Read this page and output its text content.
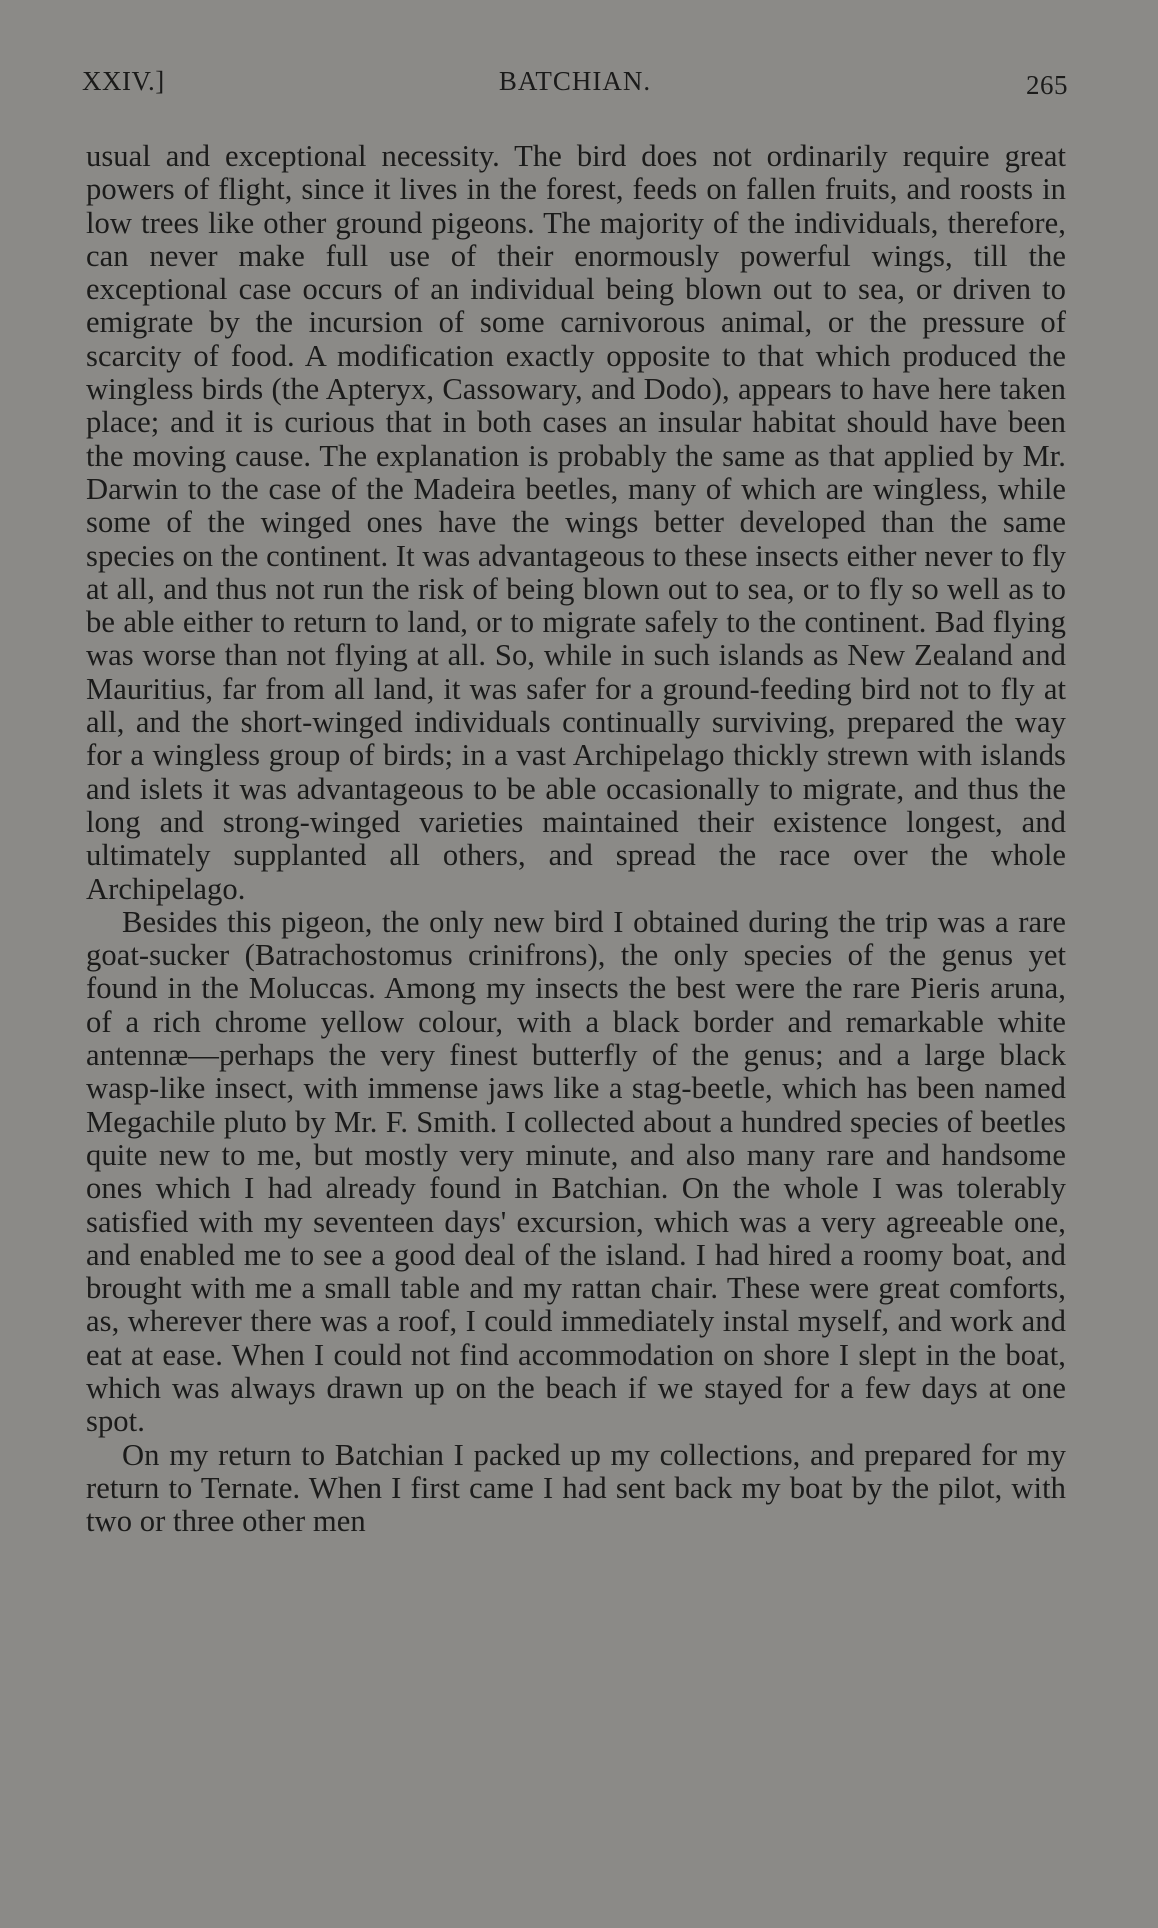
XXIV.]	BATCHIAN.	265

usual and exceptional necessity. The bird does not ordinarily require great powers of flight, since it lives in the forest, feeds on fallen fruits, and roosts in low trees like other ground pigeons. The majority of the individuals, therefore, can never make full use of their enormously powerful wings, till the exceptional case occurs of an individual being blown out to sea, or driven to emigrate by the incursion of some carnivorous animal, or the pressure of scarcity of food. A modification exactly opposite to that which produced the wingless birds (the Apteryx, Cassowary, and Dodo), appears to have here taken place; and it is curious that in both cases an insular habitat should have been the moving cause. The explanation is probably the same as that applied by Mr. Darwin to the case of the Madeira beetles, many of which are wingless, while some of the winged ones have the wings better developed than the same species on the continent. It was advantageous to these insects either never to fly at all, and thus not run the risk of being blown out to sea, or to fly so well as to be able either to return to land, or to migrate safely to the continent. Bad flying was worse than not flying at all. So, while in such islands as New Zealand and Mauritius, far from all land, it was safer for a ground-feeding bird not to fly at all, and the short-winged individuals continually surviving, prepared the way for a wingless group of birds; in a vast Archipelago thickly strewn with islands and islets it was advantageous to be able occasionally to migrate, and thus the long and strong-winged varieties maintained their existence longest, and ultimately supplanted all others, and spread the race over the whole Archipelago.

Besides this pigeon, the only new bird I obtained during the trip was a rare goat-sucker (Batrachostomus crinifrons), the only species of the genus yet found in the Moluccas. Among my insects the best were the rare Pieris aruna, of a rich chrome yellow colour, with a black border and remarkable white antennæ—perhaps the very finest butterfly of the genus; and a large black wasp-like insect, with immense jaws like a stag-beetle, which has been named Megachile pluto by Mr. F. Smith. I collected about a hundred species of beetles quite new to me, but mostly very minute, and also many rare and handsome ones which I had already found in Batchian. On the whole I was tolerably satisfied with my seventeen days' excursion, which was a very agreeable one, and enabled me to see a good deal of the island. I had hired a roomy boat, and brought with me a small table and my rattan chair. These were great comforts, as, wherever there was a roof, I could immediately instal myself, and work and eat at ease. When I could not find accommodation on shore I slept in the boat, which was always drawn up on the beach if we stayed for a few days at one spot.

On my return to Batchian I packed up my collections, and prepared for my return to Ternate. When I first came I had sent back my boat by the pilot, with two or three other men
